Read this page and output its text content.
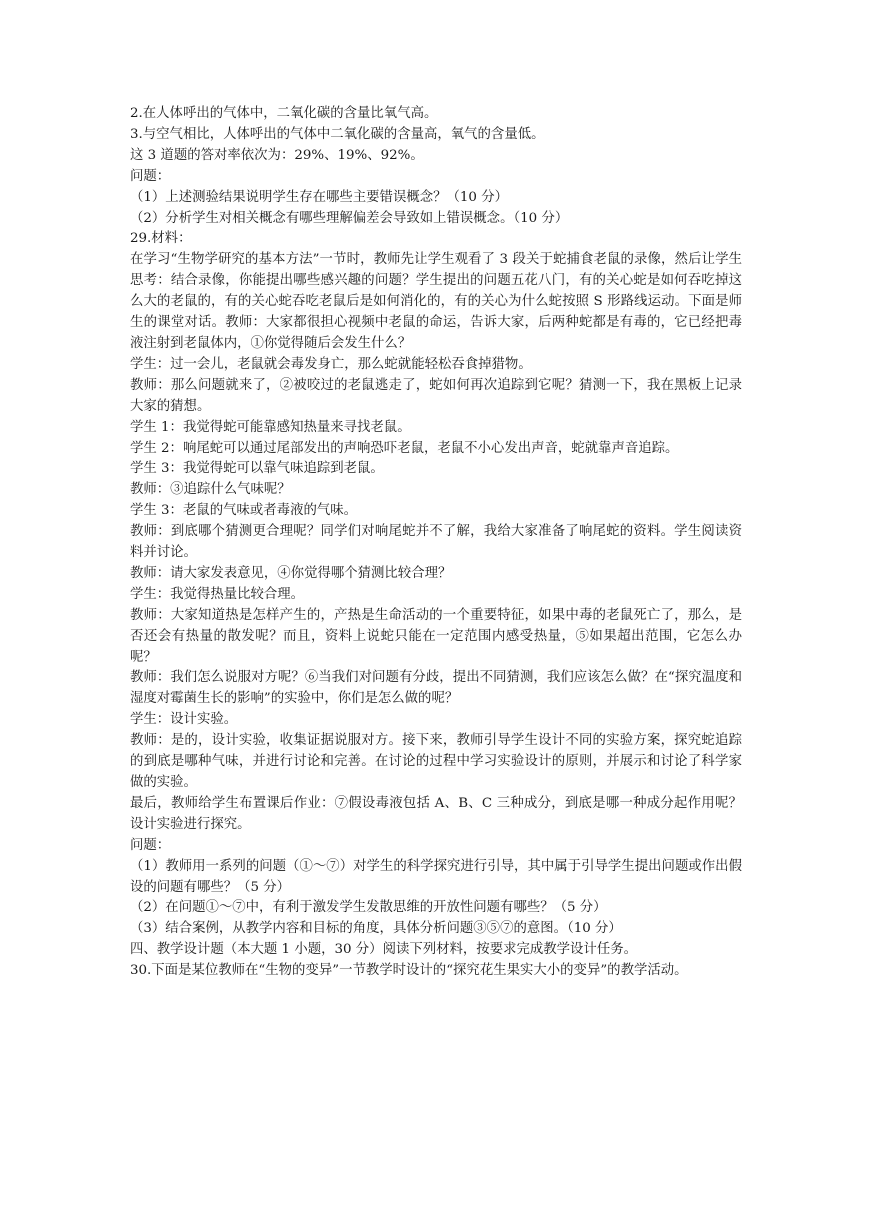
2.在人体呼出的气体中，二氧化碳的含量比氧气高。

3.与空气相比，人体呼出的气体中二氧化碳的含量高，氧气的含量低。

这 3 道题的答对率依次为：29%、19%、92%。

问题：

（1）上述测验结果说明学生存在哪些主要错误概念？（10 分）

（2）分析学生对相关概念有哪些理解偏差会导致如上错误概念。（10 分）

29.材料：

在学习“生物学研究的基本方法”一节时，教师先让学生观看了 3 段关于蛇捕食老鼠的录像，然后让学生思考：结合录像，你能提出哪些感兴趣的问题？学生提出的问题五花八门，有的关心蛇是如何吞吃掉这么大的老鼠的，有的关心蛇吞吃老鼠后是如何消化的，有的关心为什么蛇按照 S 形路线运动。下面是师生的课堂对话。教师：大家都很担心视频中老鼠的命运，告诉大家，后两种蛇都是有毒的，它已经把毒液注射到老鼠体内，①你觉得随后会发生什么？

学生：过一会儿，老鼠就会毒发身亡，那么蛇就能轻松吞食掉猎物。

教师：那么问题就来了，②被咬过的老鼠逃走了，蛇如何再次追踪到它呢？猜测一下，我在黑板上记录大家的猜想。

学生 1：我觉得蛇可能靠感知热量来寻找老鼠。

学生 2：响尾蛇可以通过尾部发出的声响恐吓老鼠，老鼠不小心发出声音，蛇就靠声音追踪。

学生 3：我觉得蛇可以靠气味追踪到老鼠。

教师：③追踪什么气味呢？

学生 3：老鼠的气味或者毒液的气味。

教师：到底哪个猜测更合理呢？同学们对响尾蛇并不了解，我给大家准备了响尾蛇的资料。学生阅读资料并讨论。

教师：请大家发表意见，④你觉得哪个猜测比较合理？

学生：我觉得热量比较合理。

教师：大家知道热是怎样产生的，产热是生命活动的一个重要特征，如果中毒的老鼠死亡了，那么，是否还会有热量的散发呢？而且，资料上说蛇只能在一定范围内感受热量，⑤如果超出范围，它怎么办呢？

教师：我们怎么说服对方呢？⑥当我们对问题有分歧，提出不同猜测，我们应该怎么做？在“探究温度和湿度对霉菌生长的影响”的实验中，你们是怎么做的呢？

学生：设计实验。

教师：是的，设计实验，收集证据说服对方。接下来，教师引导学生设计不同的实验方案，探究蛇追踪的到底是哪种气味，并进行讨论和完善。在讨论的过程中学习实验设计的原则，并展示和讨论了科学家做的实验。

最后，教师给学生布置课后作业：⑦假设毒液包括 A、B、C 三种成分，到底是哪一种成分起作用呢？设计实验进行探究。

问题：

（1）教师用一系列的问题（①～⑦）对学生的科学探究进行引导，其中属于引导学生提出问题或作出假设的问题有哪些？（5 分）

（2）在问题①～⑦中，有利于激发学生发散思维的开放性问题有哪些？（5 分）

（3）结合案例，从教学内容和目标的角度，具体分析问题③⑤⑦的意图。（10 分）

四、教学设计题（本大题 1 小题，30 分）阅读下列材料，按要求完成教学设计任务。

30.下面是某位教师在“生物的变异”一节教学时设计的“探究花生果实大小的变异”的教学活动。
